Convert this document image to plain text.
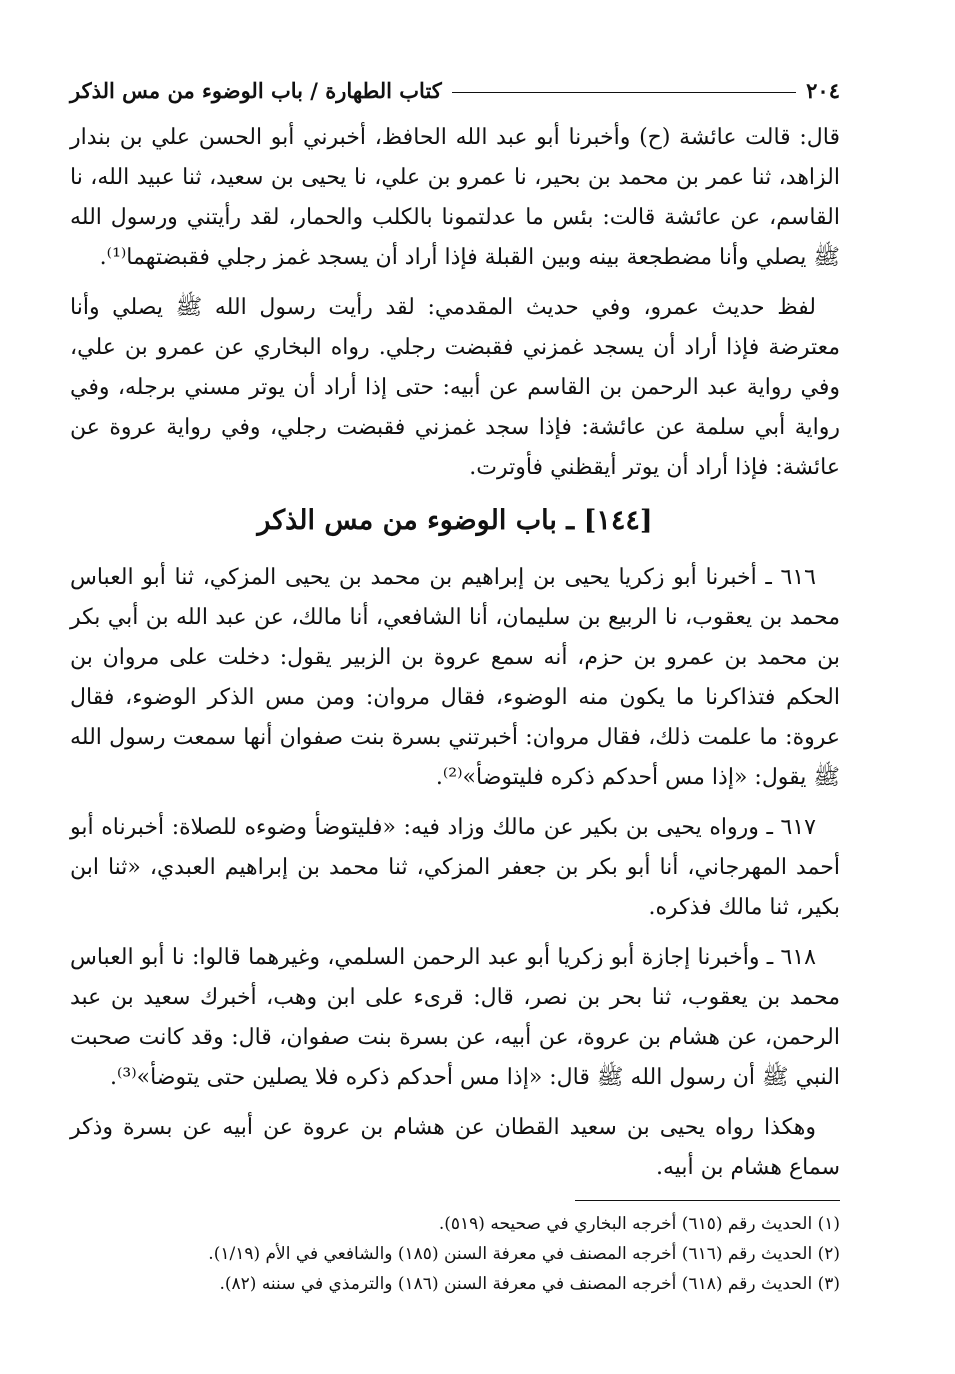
٢٠٤
كتاب الطهارة / باب الوضوء من مس الذكر

قال: قالت عائشة (ح) وأخبرنا أبو عبد الله الحافظ، أخبرني أبو الحسن علي بن بندار الزاهد، ثنا عمر بن محمد بن بحير، نا عمرو بن علي، نا يحيى بن سعيد، ثنا عبيد الله، نا القاسم، عن عائشة قالت: بئس ما عدلتمونا بالكلب والحمار، لقد رأيتني ورسول الله ﷺ يصلي وأنا مضطجعة بينه وبين القبلة فإذا أراد أن يسجد غمز رجلي فقبضتهما⁽¹⁾.

لفظ حديث عمرو، وفي حديث المقدمي: لقد رأيت رسول الله ﷺ يصلي وأنا معترضة فإذا أراد أن يسجد غمزني فقبضت رجلي. رواه البخاري عن عمرو بن علي، وفي رواية عبد الرحمن بن القاسم عن أبيه: حتى إذا أراد أن يوتر مسني برجله، وفي رواية أبي سلمة عن عائشة: فإذا سجد غمزني فقبضت رجلي، وفي رواية عروة عن عائشة: فإذا أراد أن يوتر أيقظني فأوترت.

[١٤٤] ـ باب الوضوء من مس الذكر

٦١٦ ـ أخبرنا أبو زكريا يحيى بن إبراهيم بن محمد بن يحيى المزكي، ثنا أبو العباس محمد بن يعقوب، نا الربيع بن سليمان، أنا الشافعي، أنا مالك، عن عبد الله بن أبي بكر بن محمد بن عمرو بن حزم، أنه سمع عروة بن الزبير يقول: دخلت على مروان بن الحكم فتذاكرنا ما يكون منه الوضوء، فقال مروان: ومن مس الذكر الوضوء، فقال عروة: ما علمت ذلك، فقال مروان: أخبرتني بسرة بنت صفوان أنها سمعت رسول الله ﷺ يقول: «إذا مس أحدكم ذكره فليتوضأ»⁽²⁾.

٦١٧ ـ ورواه يحيى بن بكير عن مالك وزاد فيه: «فليتوضأ وضوءه للصلاة: أخبرناه أبو أحمد المهرجاني، أنا أبو بكر بن جعفر المزكي، ثنا محمد بن إبراهيم العبدي، «ثنا ابن بكير، ثنا مالك فذكره.

٦١٨ ـ وأخبرنا إجازة أبو زكريا أبو عبد الرحمن السلمي، وغيرهما قالوا: نا أبو العباس محمد بن يعقوب، ثنا بحر بن نصر، قال: قرىء على ابن وهب، أخبرك سعيد بن عبد الرحمن، عن هشام بن عروة، عن أبيه، عن بسرة بنت صفوان، قال: وقد كانت صحبت النبي ﷺ أن رسول الله ﷺ قال: «إذا مس أحدكم ذكره فلا يصلين حتى يتوضأ»⁽³⁾.

وهكذا رواه يحيى بن سعيد القطان عن هشام بن عروة عن أبيه عن بسرة وذكر سماع هشام بن أبيه.

(١) الحديث رقم (٦١٥) أخرجه البخاري في صحيحه (٥١٩).

(٢) الحديث رقم (٦١٦) أخرجه المصنف في معرفة السنن (١٨٥) والشافعي في الأم (١/١٩).

(٣) الحديث رقم (٦١٨) أخرجه المصنف في معرفة السنن (١٨٦) والترمذي في سننه (٨٢).
